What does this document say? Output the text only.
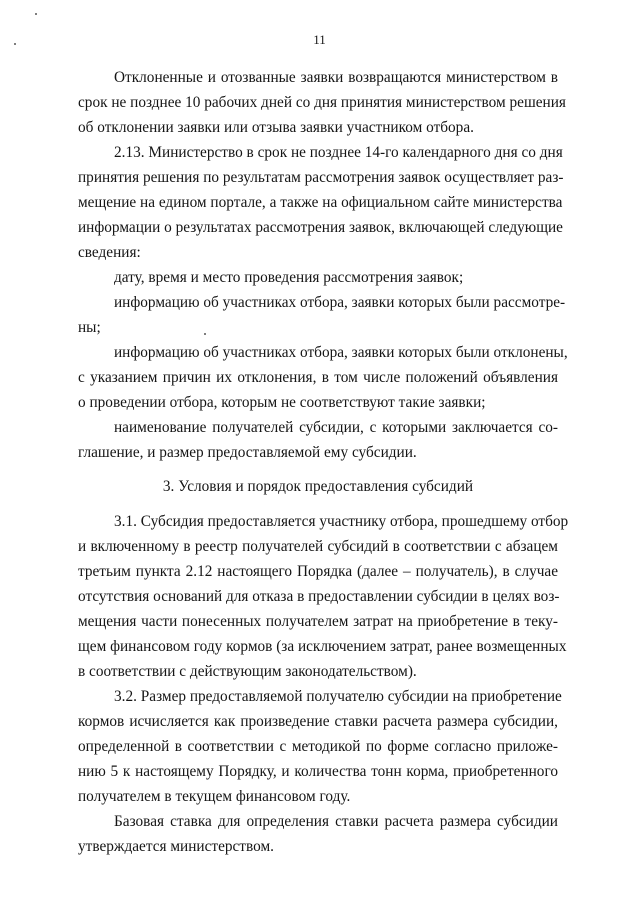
11
Отклоненные и отозванные заявки возвращаются министерством в
срок не позднее 10 рабочих дней со дня принятия министерством решения
об отклонении заявки или отзыва заявки участником отбора.
2.13. Министерство в срок не позднее 14-го календарного дня со дня
принятия решения по результатам рассмотрения заявок осуществляет раз-
мещение на едином портале, а также на официальном сайте министерства
информации о результатах рассмотрения заявок, включающей следующие
сведения:
дату, время и место проведения рассмотрения заявок;
информацию об участниках отбора, заявки которых были рассмотре-
ны;
информацию об участниках отбора, заявки которых были отклонены,
с указанием причин их отклонения, в том числе положений объявления
о проведении отбора, которым не соответствуют такие заявки;
наименование получателей субсидии, с которыми заключается со-
глашение, и размер предоставляемой ему субсидии.
3. Условия и порядок предоставления субсидий
3.1. Субсидия предоставляется участнику отбора, прошедшему отбор
и включенному в реестр получателей субсидий в соответствии с абзацем
третьим пункта 2.12 настоящего Порядка (далее – получатель), в случае
отсутствия оснований для отказа в предоставлении субсидии в целях воз-
мещения части понесенных получателем затрат на приобретение в теку-
щем финансовом году кормов (за исключением затрат, ранее возмещенных
в соответствии с действующим законодательством).
3.2. Размер предоставляемой получателю субсидии на приобретение
кормов исчисляется как произведение ставки расчета размера субсидии,
определенной в соответствии с методикой по форме согласно приложе-
нию 5 к настоящему Порядку, и количества тонн корма, приобретенного
получателем в текущем финансовом году.
Базовая ставка для определения ставки расчета размера субсидии
утверждается министерством.
